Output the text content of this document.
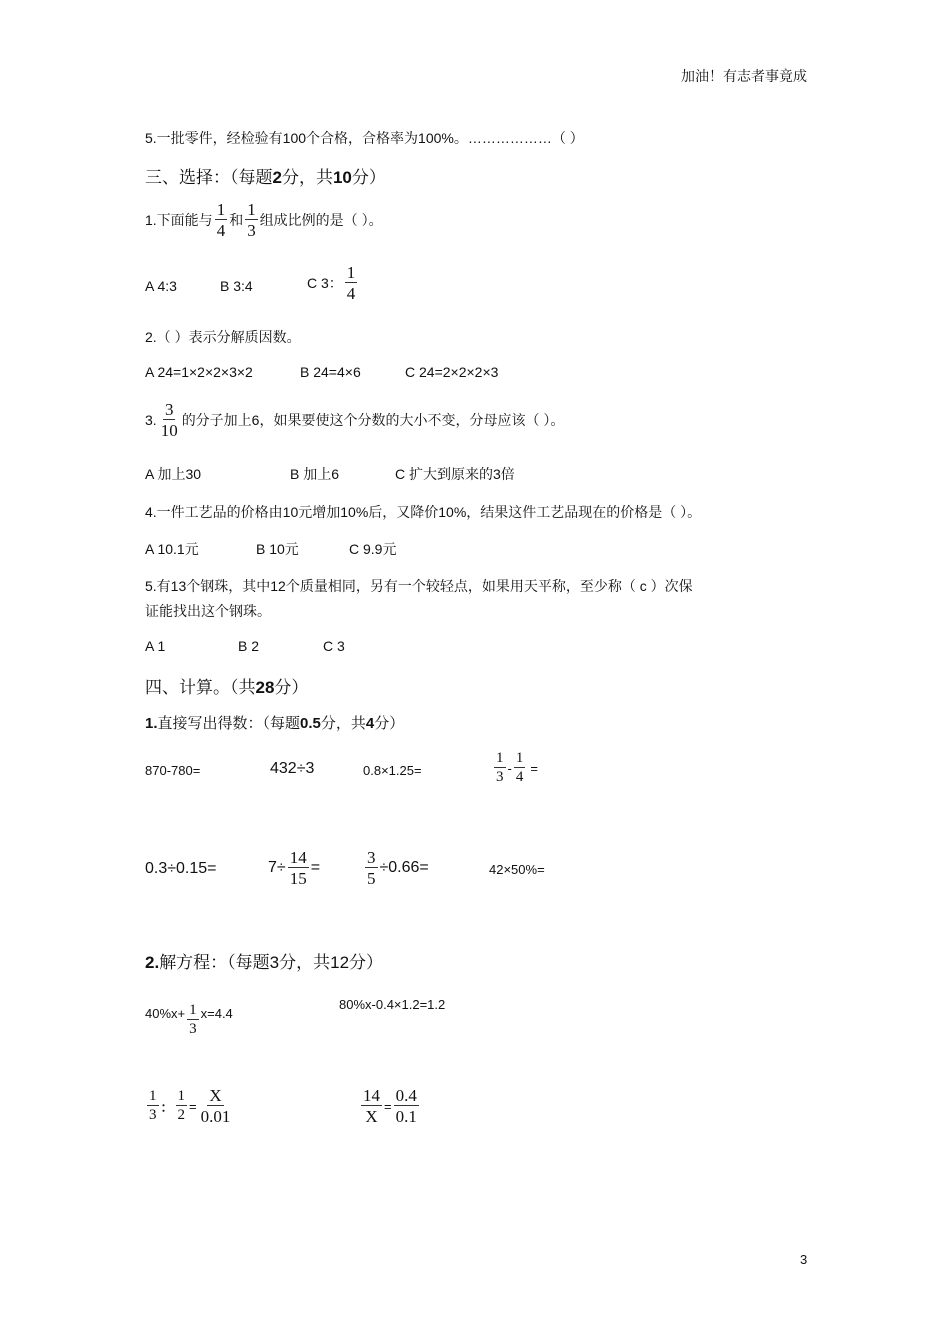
加油！有志者事竟成
5.一批零件，经检验有100个合格，合格率为100%。………………（ ）
三、选择：（每题2分，共10分）
1.下面能与 $\frac{1}{4}$ 和 $\frac{1}{3}$ 组成比例的是（ ）。
A 4:3	B 3:4	C 3： $\frac{1}{4}$
2.（ ）表示分解质因数。
A 24=1×2×2×3×2	B 24=4×6	C 24=2×2×2×3
3. $\frac{3}{10}$ 的分子加上6，如果要使这个分数的大小不变，分母应该（ ）。
A 加上30	B 加上6	C 扩大到原来的3倍
4.一件工艺品的价格由10元增加10%后，又降价10%，结果这件工艺品现在的价格是（ ）。
A 10.1元	B 10元	C 9.9元
5.有13个钢珠，其中12个质量相同，另有一个较轻点，如果用天平称，至少称（ c ）次保
证能找出这个钢珠。
A 1	B 2	C 3
四、计算。（共28分）
1.直接写出得数：（每题0.5分，共4分）
870-780=	432÷3	0.8×1.25=	$\frac{1}{3} - \frac{1}{4}$ =
0.3÷0.15=	$7\div \frac{14}{15}$ =	$\frac{3}{5} \div 0.66=$	42×50%=
2.解方程：（每题3分，共12分）
$40\%x+ \frac{1}{3} x=4.4$
80%x-0.4×1.2=1.2
$\frac{1}{3}$ ： $\frac{1}{2} = \frac{X}{0.01}$	$\frac{14}{X} = \frac{0.4}{0.1}$
3
